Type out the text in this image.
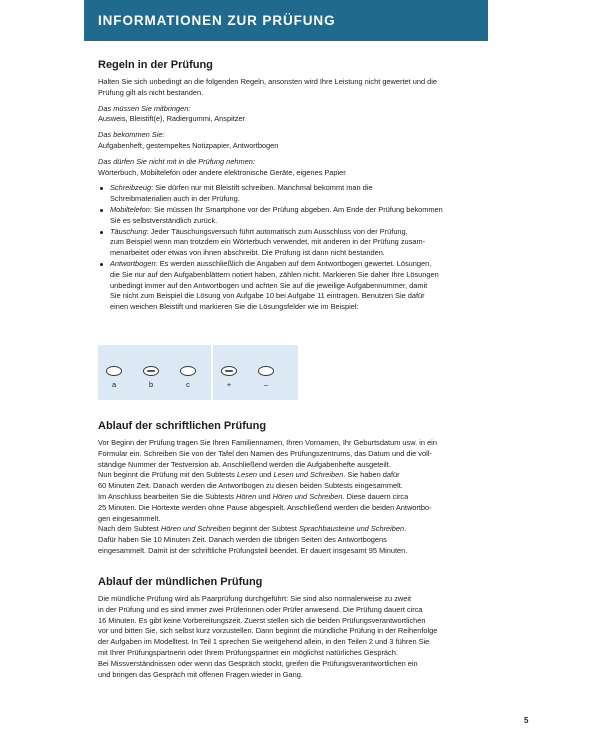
INFORMATIONEN ZUR PRÜFUNG
Regeln in der Prüfung

Halten Sie sich unbedingt an die folgenden Regeln, ansonsten wird Ihre Leistung nicht gewertet und die
Prüfung gilt als nicht bestanden.

Das müssen Sie mitbringen:
Ausweis, Bleistift(e), Radiergummi, Anspitzer

Das bekommen Sie:
Aufgabenheft, gestempeltes Notizpapier, Antwortbogen

Das dürfen Sie nicht mit in die Prüfung nehmen:
Wörterbuch, Mobiltelefon oder andere elektronische Geräte, eigenes Papier

Schreibzeug: Sie dürfen nur mit Bleistift schreiben. Manchmal bekommt man die
Schreibmaterialien auch in der Prüfung.
Mobiltelefon: Sie müssen Ihr Smartphone vor der Prüfung abgeben. Am Ende der Prüfung bekommen
Sie es selbstverständlich zurück.
Täuschung: Jeder Täuschungsversuch führt automatisch zum Ausschluss von der Prüfung,
zum Beispiel wenn man trotzdem ein Wörterbuch verwendet, mit anderen in der Prüfung zusam-
menarbeitet oder etwas von ihnen abschreibt. Die Prüfung ist dann nicht bestanden.
Antwortbogen: Es werden ausschließlich die Angaben auf dem Antwortbogen gewertet. Lösungen,
die Sie nur auf den Aufgabenblättern notiert haben, zählen nicht. Markieren Sie daher Ihre Lösungen
unbedingt immer auf den Antwortbogen und achten Sie auf die jeweilige Aufgabennummer, damit
Sie nicht zum Beispiel die Lösung von Aufgabe 10 bei Aufgabe 11 eintragen. Benutzen Sie dafür
einen weichen Bleistift und markieren Sie die Lösungsfelder wie im Beispiel:
a	b	c	+	–
Ablauf der schriftlichen Prüfung

Vor Beginn der Prüfung tragen Sie Ihren Familiennamen, Ihren Vornamen, Ihr Geburtsdatum usw. in ein
Formular ein. Schreiben Sie von der Tafel den Namen des Prüfungszentrums, das Datum und die voll-
ständige Nummer der Testversion ab. Anschließend werden die Aufgabenhefte ausgeteilt.
Nun beginnt die Prüfung mit den Subtests Lesen und Lesen und Schreiben. Sie haben dafür
60 Minuten Zeit. Danach werden die Antwortbogen zu diesen beiden Subtests eingesammelt.
Im Anschluss bearbeiten Sie die Subtests Hören und Hören und Schreiben. Diese dauern circa
25 Minuten. Die Hörtexte werden ohne Pause abgespielt. Anschließend werden die beiden Antwortbo-
gen eingesammelt.
Nach dem Subtest Hören und Schreiben beginnt der Subtest Sprachbausteine und Schreiben.
Dafür haben Sie 10 Minuten Zeit. Danach werden die übrigen Seiten des Antwortbogens
eingesammelt. Damit ist der schriftliche Prüfungsteil beendet. Er dauert insgesamt 95 Minuten.

Ablauf der mündlichen Prüfung

Die mündliche Prüfung wird als Paarprüfung durchgeführt: Sie sind also normalerweise zu zweit
in der Prüfung und es sind immer zwei Prüferinnen oder Prüfer anwesend. Die Prüfung dauert circa
16 Minuten. Es gibt keine Vorbereitungszeit. Zuerst stellen sich die beiden Prüfungsverantwortlichen
vor und bitten Sie, sich selbst kurz vorzustellen. Dann beginnt die mündliche Prüfung in der Reihenfolge
der Aufgaben im Modelltest. In Teil 1 sprechen Sie weitgehend allein, in den Teilen 2 und 3 führen Sie
mit Ihrer Prüfungspartnerin oder Ihrem Prüfungspartner ein möglichst natürliches Gespräch.
Bei Missverständnissen oder wenn das Gespräch stockt, greifen die Prüfungsverantwortlichen ein
und bringen das Gespräch mit offenen Fragen wieder in Gang.

5
